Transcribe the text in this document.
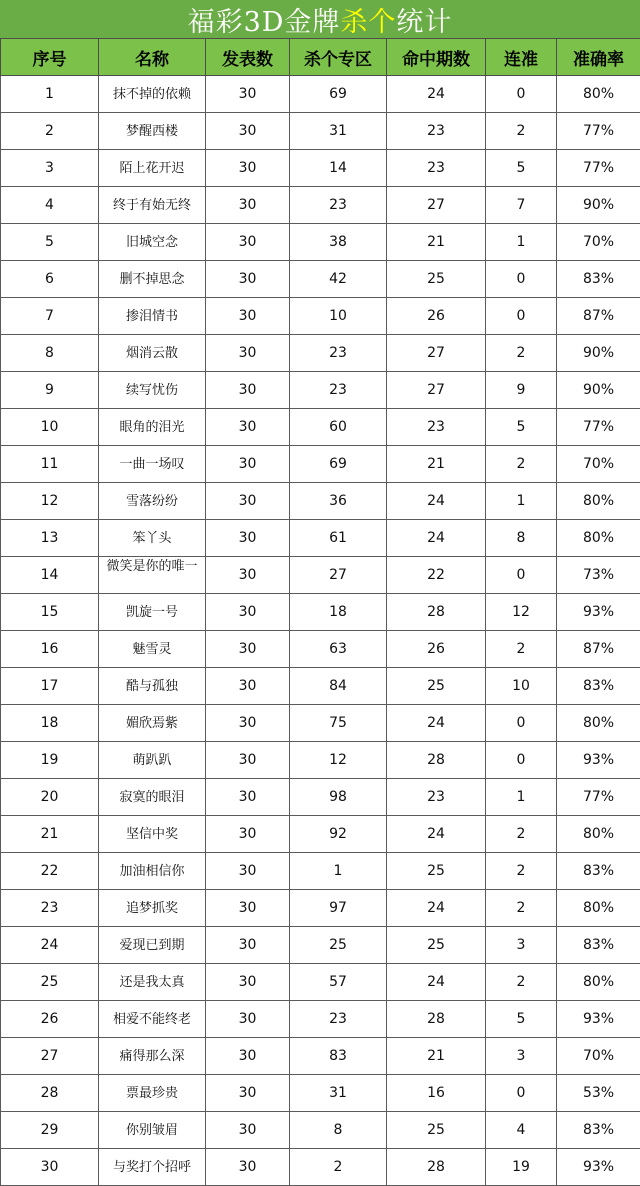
福彩3D金牌 杀个 统计
序号	名称	发表数	杀个专区	命中期数	连准	准确率
1	抹不掉的依赖	30	69	24	0	80%
2	梦醒西楼	30	31	23	2	77%
3	陌上花开迟	30	14	23	5	77%
4	终于有始无终	30	23	27	7	90%
5	旧城空念	30	38	21	1	70%
6	删不掉思念	30	42	25	0	83%
7	掺泪情书	30	10	26	0	87%
8	烟消云散	30	23	27	2	90%
9	续写忧伤	30	23	27	9	90%
10	眼角的泪光	30	60	23	5	77%
11	一曲一场叹	30	69	21	2	70%
12	雪落纷纷	30	36	24	1	80%
13	笨丫头	30	61	24	8	80%
14	微笑是你的唯一	30	27	22	0	73%
15	凯旋一号	30	18	28	12	93%
16	魅雪灵	30	63	26	2	87%
17	酷与孤独	30	84	25	10	83%
18	媚欣焉紫	30	75	24	0	80%
19	萌趴趴	30	12	28	0	93%
20	寂寞的眼泪	30	98	23	1	77%
21	坚信中奖	30	92	24	2	80%
22	加油相信你	30	1	25	2	83%
23	追梦抓奖	30	97	24	2	80%
24	爱现已到期	30	25	25	3	83%
25	还是我太真	30	57	24	2	80%
26	相爱不能终老	30	23	28	5	93%
27	痛得那么深	30	83	21	3	70%
28	票最珍贵	30	31	16	0	53%
29	你别皱眉	30	8	25	4	83%
30	与奖打个招呼	30	2	28	19	93%
